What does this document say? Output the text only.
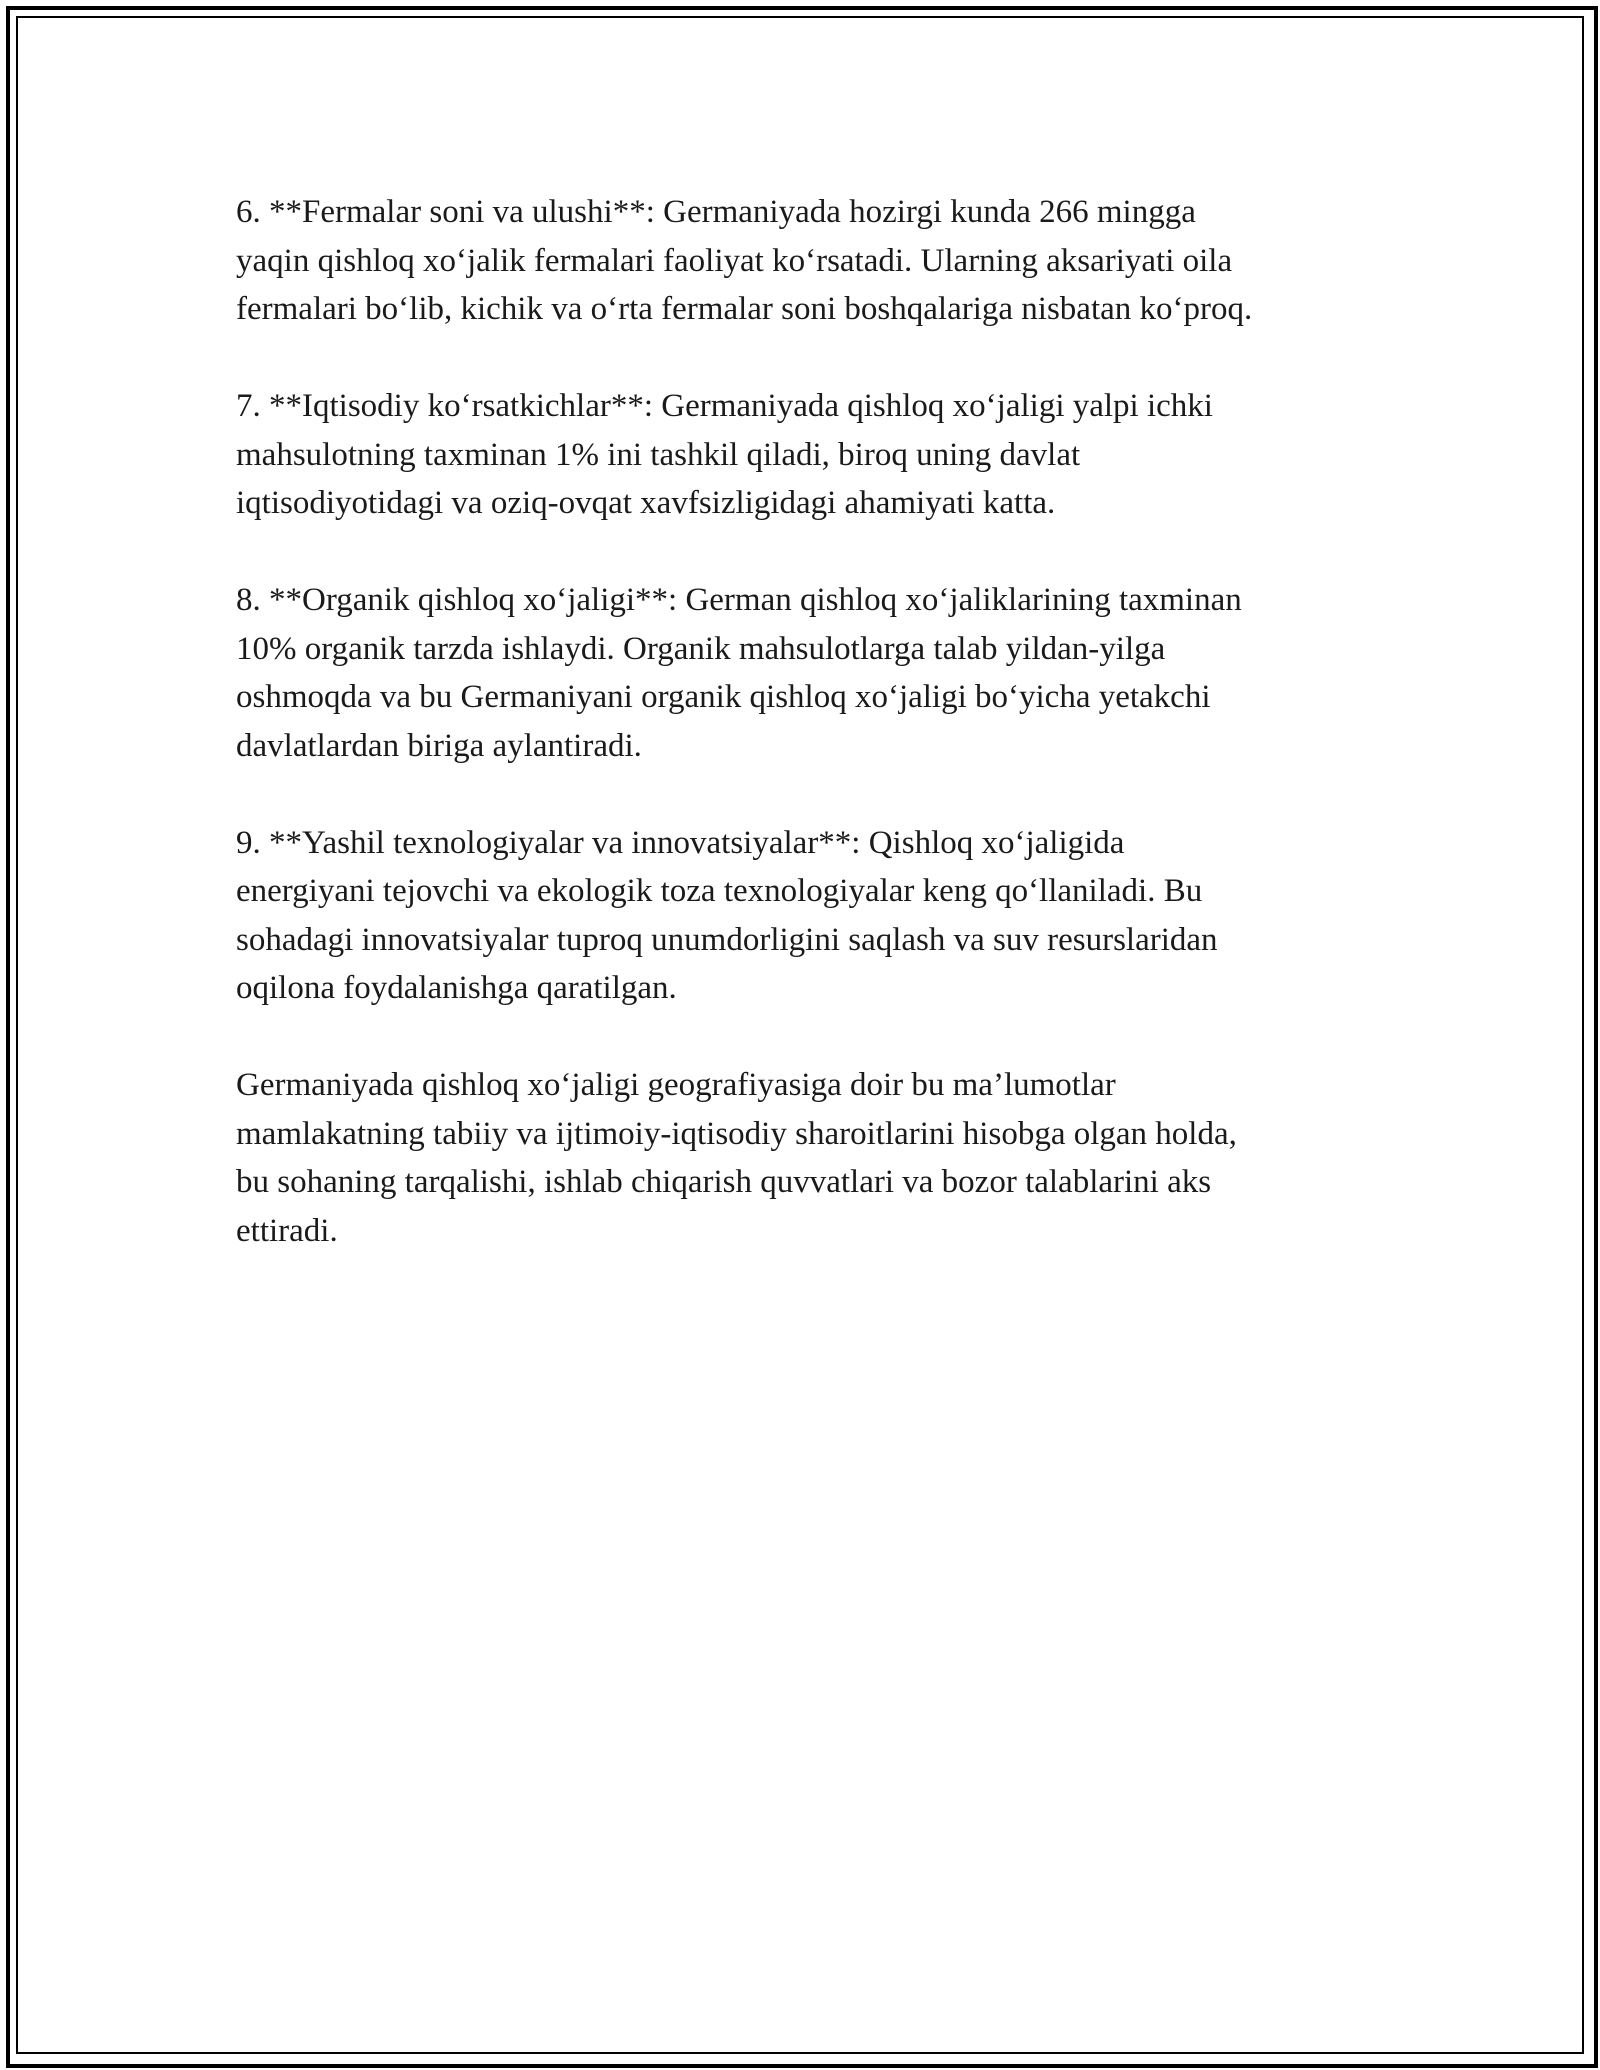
6. **Fermalar soni va ulushi**: Germaniyada hozirgi kunda 266 mingga
yaqin qishloq xo‘jalik fermalari faoliyat ko‘rsatadi. Ularning aksariyati oila
fermalari bo‘lib, kichik va o‘rta fermalar soni boshqalariga nisbatan ko‘proq.

7. **Iqtisodiy ko‘rsatkichlar**: Germaniyada qishloq xo‘jaligi yalpi ichki
mahsulotning taxminan 1% ini tashkil qiladi, biroq uning davlat
iqtisodiyotidagi va oziq-ovqat xavfsizligidagi ahamiyati katta.

8. **Organik qishloq xo‘jaligi**: German qishloq xo‘jaliklarining taxminan
10% organik tarzda ishlaydi. Organik mahsulotlarga talab yildan-yilga
oshmoqda va bu Germaniyani organik qishloq xo‘jaligi bo‘yicha yetakchi
davlatlardan biriga aylantiradi.

9. **Yashil texnologiyalar va innovatsiyalar**: Qishloq xo‘jaligida
energiyani tejovchi va ekologik toza texnologiyalar keng qo‘llaniladi. Bu
sohadagi innovatsiyalar tuproq unumdorligini saqlash va suv resurslaridan
oqilona foydalanishga qaratilgan.

Germaniyada qishloq xo‘jaligi geografiyasiga doir bu ma’lumotlar
mamlakatning tabiiy va ijtimoiy-iqtisodiy sharoitlarini hisobga olgan holda,
bu sohaning tarqalishi, ishlab chiqarish quvvatlari va bozor talablarini aks
ettiradi.
